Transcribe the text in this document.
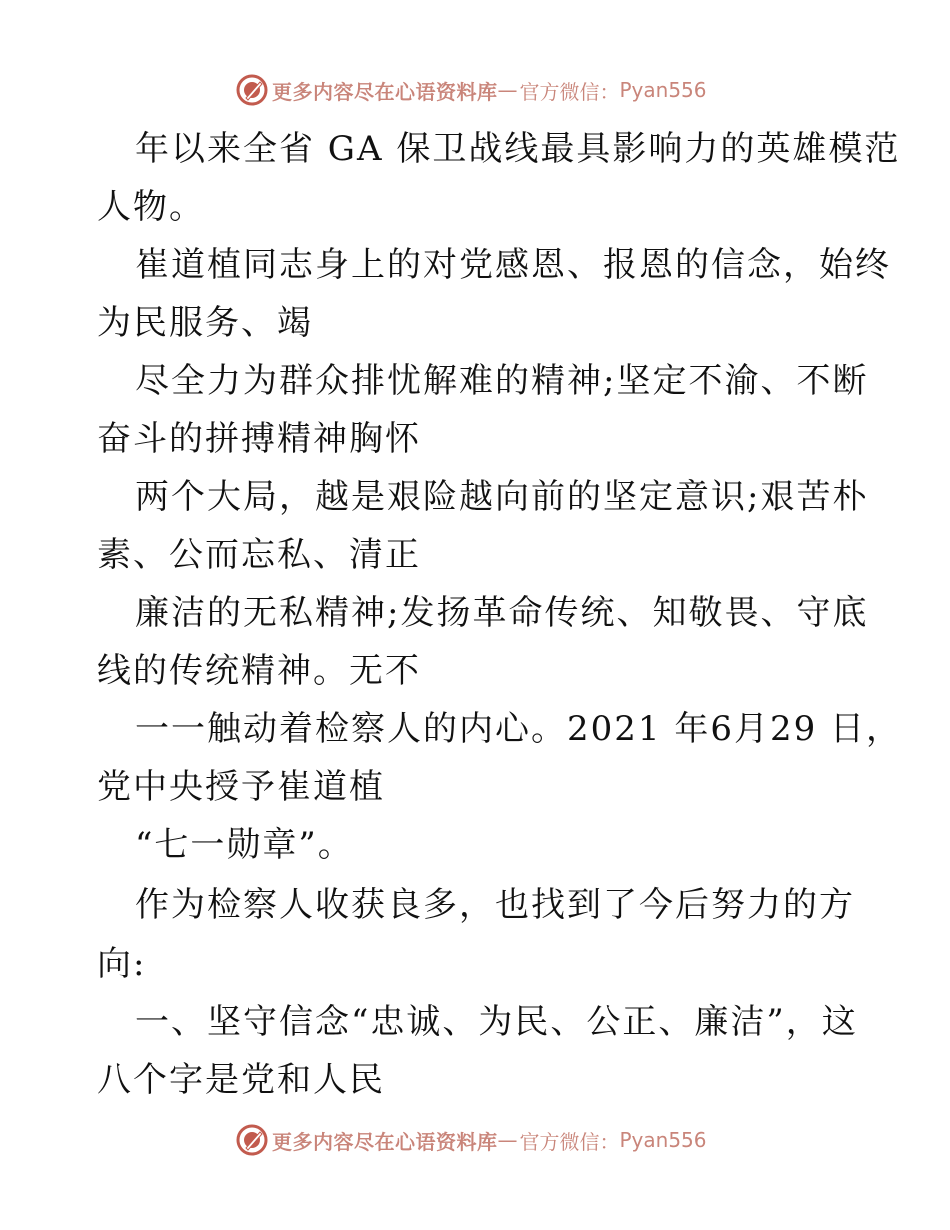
更多内容尽在心语资料库 — 官方微信： Pyan556
年以来全省 GA 保卫战线最具影响力的英雄模范
人物。
崔道植同志身上的对党感恩、报恩的信念，始终
为民服务、竭
尽全力为群众排忧解难的精神;坚定不渝、不断
奋斗的拼搏精神胸怀
两个大局，越是艰险越向前的坚定意识;艰苦朴
素、公而忘私、清正
廉洁的无私精神;发扬革命传统、知敬畏、守底
线的传统精神。无不
一一触动着检察人的内心。2021 年6月29 日，
党中央授予崔道植
“七一勋章”。
作为检察人收获良多，也找到了今后努力的方
向:
一、坚守信念“忠诚、为民、公正、廉洁”，这
八个字是党和人民
更多内容尽在心语资料库 — 官方微信： Pyan556
